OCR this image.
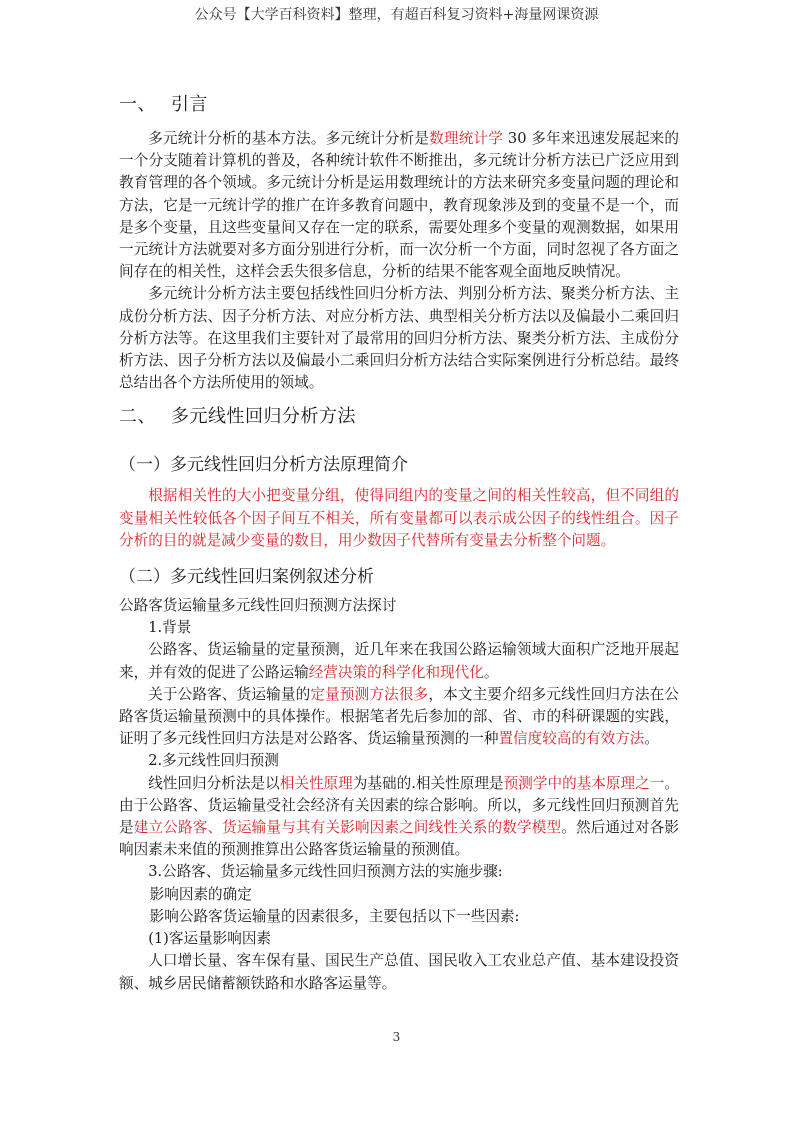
公众号【大学百科资料】整理，有超百科复习资料+海量网课资源
一、 引言

多元统计分析的基本方法。多元统计分析是数理统计学 30 多年来迅速发展起来的一个分支随着计算机的普及，各种统计软件不断推出，多元统计分析方法已广泛应用到教育管理的各个领域。多元统计分析是运用数理统计的方法来研究多变量问题的理论和方法，它是一元统计学的推广在许多教育问题中，教育现象涉及到的变量不是一个，而是多个变量，且这些变量间又存在一定的联系，需要处理多个变量的观测数据，如果用一元统计方法就要对多方面分别进行分析，而一次分析一个方面，同时忽视了各方面之间存在的相关性，这样会丢失很多信息，分析的结果不能客观全面地反映情况。

多元统计分析方法主要包括线性回归分析方法、判别分析方法、聚类分析方法、主成份分析方法、因子分析方法、对应分析方法、典型相关分析方法以及偏最小二乘回归分析方法等。在这里我们主要针对了最常用的回归分析方法、聚类分析方法、主成份分析方法、因子分析方法以及偏最小二乘回归分析方法结合实际案例进行分析总结。最终总结出各个方法所使用的领域。

二、 多元线性回归分析方法
（一）多元线性回归分析方法原理简介

根据相关性的大小把变量分组，使得同组内的变量之间的相关性较高，但不同组的变量相关性较低各个因子间互不相关，所有变量都可以表示成公因子的线性组合。因子分析的目的就是减少变量的数目，用少数因子代替所有变量去分析整个问题。

（二）多元线性回归案例叙述分析

公路客货运输量多元线性回归预测方法探讨

1.背景

公路客、货运输量的定量预测，近几年来在我国公路运输领域大面积广泛地开展起来，并有效的促进了公路运输经营决策的科学化和现代化。

关于公路客、货运输量的定量预测方法很多，本文主要介绍多元线性回归方法在公路客货运输量预测中的具体操作。根据笔者先后参加的部、省、市的科研课题的实践，证明了多元线性回归方法是对公路客、货运输量预测的一种置信度较高的有效方法。

2.多元线性回归预测

线性回归分析法是以相关性原理为基础的.相关性原理是预测学中的基本原理之一。由于公路客、货运输量受社会经济有关因素的综合影响。所以，多元线性回归预测首先是建立公路客、货运输量与其有关影响因素之间线性关系的数学模型。然后通过对各影响因素未来值的预测推算出公路客货运输量的预测值。

3.公路客、货运输量多元线性回归预测方法的实施步骤:

影响因素的确定

影响公路客货运输量的因素很多，主要包括以下一些因素:

(1)客运量影响因素

人口增长量、客车保有量、国民生产总值、国民收入工农业总产值、基本建设投资额、城乡居民储蓄额铁路和水路客运量等。

3
